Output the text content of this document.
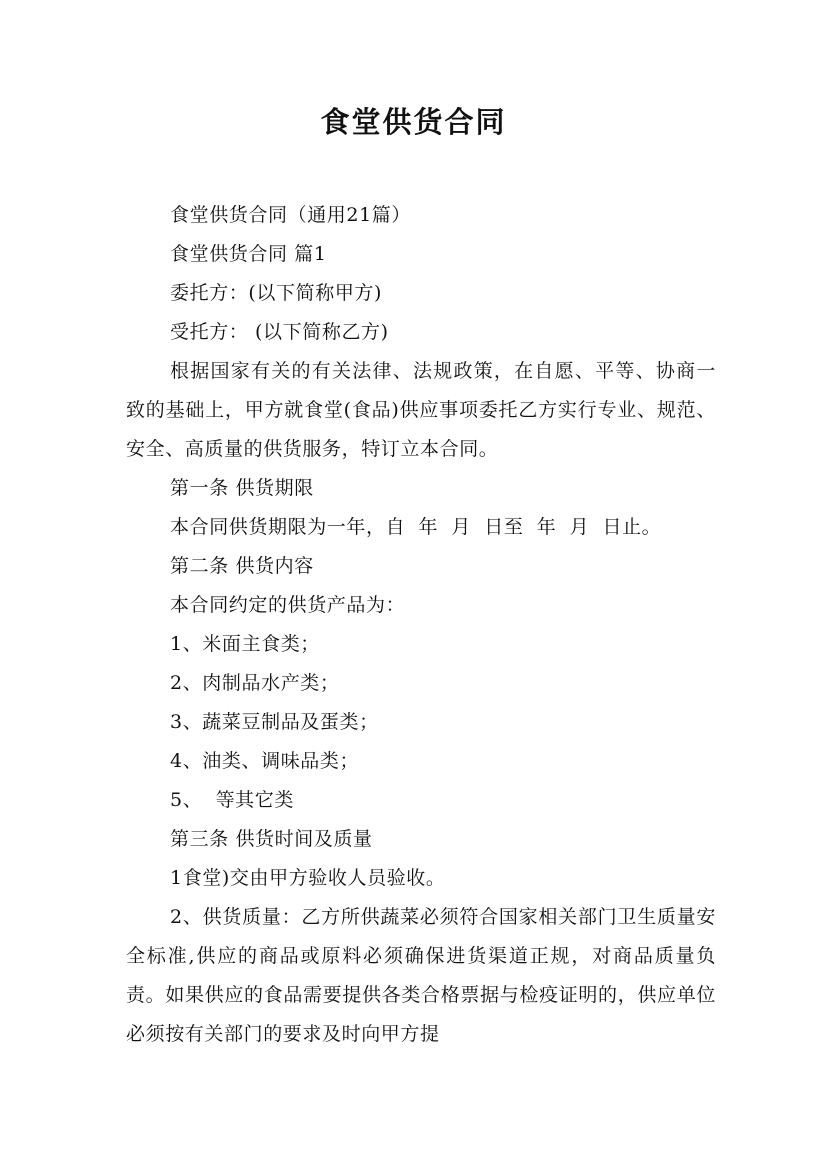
食堂供货合同

食堂供货合同（通用21篇）

食堂供货合同 篇1

委托方：(以下简称甲方)

受托方： (以下简称乙方)

根据国家有关的有关法律、法规政策，在自愿、平等、协商一致的基础上，甲方就食堂(食品)供应事项委托乙方实行专业、规范、安全、高质量的供货服务，特订立本合同。

第一条 供货期限

本合同供货期限为一年，自  年  月  日至  年  月  日止。

第二条 供货内容

本合同约定的供货产品为：

1、米面主食类；

2、肉制品水产类；

3、蔬菜豆制品及蛋类；

4、油类、调味品类；

5、  等其它类

第三条 供货时间及质量

1食堂)交由甲方验收人员验收。

2、供货质量：乙方所供蔬菜必须符合国家相关部门卫生质量安全标准,供应的商品或原料必须确保进货渠道正规，对商品质量负责。如果供应的食品需要提供各类合格票据与检疫证明的，供应单位必须按有关部门的要求及时向甲方提
